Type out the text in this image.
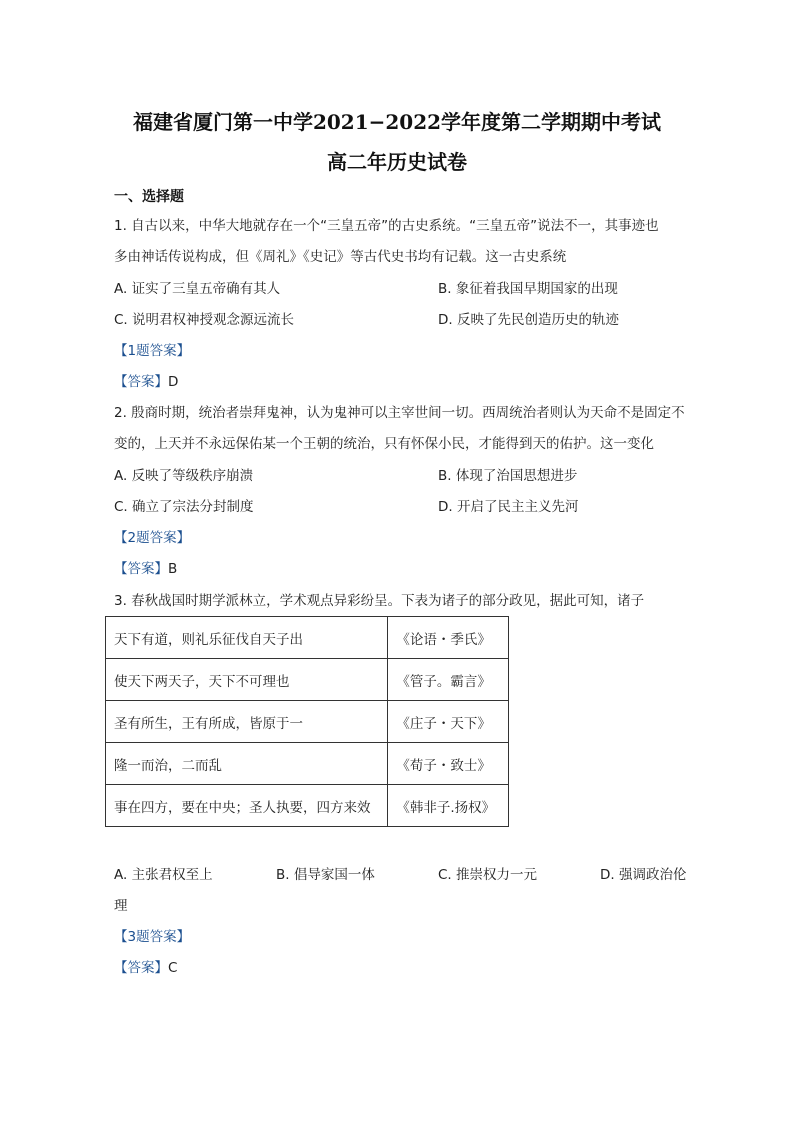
福建省厦门第一中学2021−2022学年度第二学期期中考试
高二年历史试卷
一、选择题
1. 自古以来，中华大地就存在一个“三皇五帝”的古史系统。“三皇五帝”说法不一，其事迹也
多由神话传说构成，但《周礼》《史记》等古代史书均有记载。这一古史系统
A. 证实了三皇五帝确有其人	B. 象征着我国早期国家的出现
C. 说明君权神授观念源远流长	D. 反映了先民创造历史的轨迹
【1题答案】
【答案】D
2. 殷商时期，统治者崇拜鬼神，认为鬼神可以主宰世间一切。西周统治者则认为天命不是固定不
变的，上天并不永远保佑某一个王朝的统治，只有怀保小民，才能得到天的佑护。这一变化
A. 反映了等级秩序崩溃	B. 体现了治国思想进步
C. 确立了宗法分封制度	D. 开启了民主主义先河
【2题答案】
【答案】B
3. 春秋战国时期学派林立，学术观点异彩纷呈。下表为诸子的部分政见，据此可知，诸子
天下有道，则礼乐征伐自天子出	《论语・季氏》
使天下两天子，天下不可理也	《管子。霸言》
圣有所生，王有所成，皆原于一	《庄子・天下》
隆一而治，二而乱	《荀子・致士》
事在四方，要在中央；圣人执要，四方来效	《韩非子.扬权》
A. 主张君权至上	B. 倡导家国一体	C. 推崇权力一元	D. 强调政治伦
理
【3题答案】
【答案】C
